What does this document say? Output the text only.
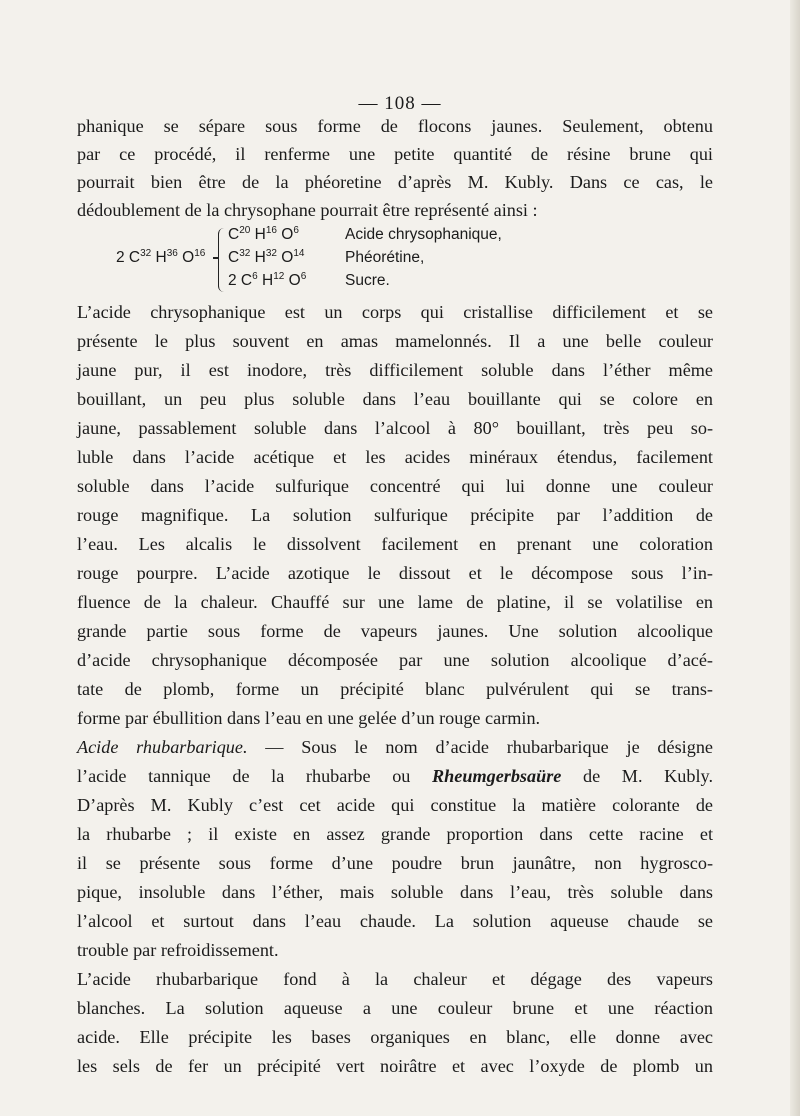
— 108 —
phanique se sépare sous forme de flocons jaunes. Seulement, obtenu
par ce procédé, il renferme une petite quantité de résine brune qui
pourrait bien être de la phéoretine d’après M. Kubly. Dans ce cas, le
dédoublement de la chrysophane pourrait être représenté ainsi :
2 $C^{32}$ $H^{36}$ $O^{16}$
$C^{20}$ $H^{16}$ $O^6$	Acide chrysophanique,
$C^{32}$ $H^{32}$ $O^{14}$	Phéorétine,
2 $C^6$ $H^{12}$ $O^6$	Sucre.
L’acide chrysophanique est un corps qui cristallise difficilement et se
présente le plus souvent en amas mamelonnés. Il a une belle couleur
jaune pur, il est inodore, très difficilement soluble dans l’éther même
bouillant, un peu plus soluble dans l’eau bouillante qui se colore en
jaune, passablement soluble dans l’alcool à 80° bouillant, très peu so-
luble dans l’acide acétique et les acides minéraux étendus, facilement
soluble dans l’acide sulfurique concentré qui lui donne une couleur
rouge magnifique. La solution sulfurique précipite par l’addition de
l’eau. Les alcalis le dissolvent facilement en prenant une coloration
rouge pourpre. L’acide azotique le dissout et le décompose sous l’in-
fluence de la chaleur. Chauffé sur une lame de platine, il se volatilise en
grande partie sous forme de vapeurs jaunes. Une solution alcoolique
d’acide chrysophanique décomposée par une solution alcoolique d’acé-
tate de plomb, forme un précipité blanc pulvérulent qui se trans-
forme par ébullition dans l’eau en une gelée d’un rouge carmin.
Acide rhubarbarique. — Sous le nom d’acide rhubarbarique je désigne
l’acide tannique de la rhubarbe ou Rheumgerbsaüre de M. Kubly.
D’après M. Kubly c’est cet acide qui constitue la matière colorante de
la rhubarbe ; il existe en assez grande proportion dans cette racine et
il se présente sous forme d’une poudre brun jaunâtre, non hygrosco-
pique, insoluble dans l’éther, mais soluble dans l’eau, très soluble dans
l’alcool et surtout dans l’eau chaude. La solution aqueuse chaude se
trouble par refroidissement.
L’acide rhubarbarique fond à la chaleur et dégage des vapeurs
blanches. La solution aqueuse a une couleur brune et une réaction
acide. Elle précipite les bases organiques en blanc, elle donne avec
les sels de fer un précipité vert noirâtre et avec l’oxyde de plomb un
